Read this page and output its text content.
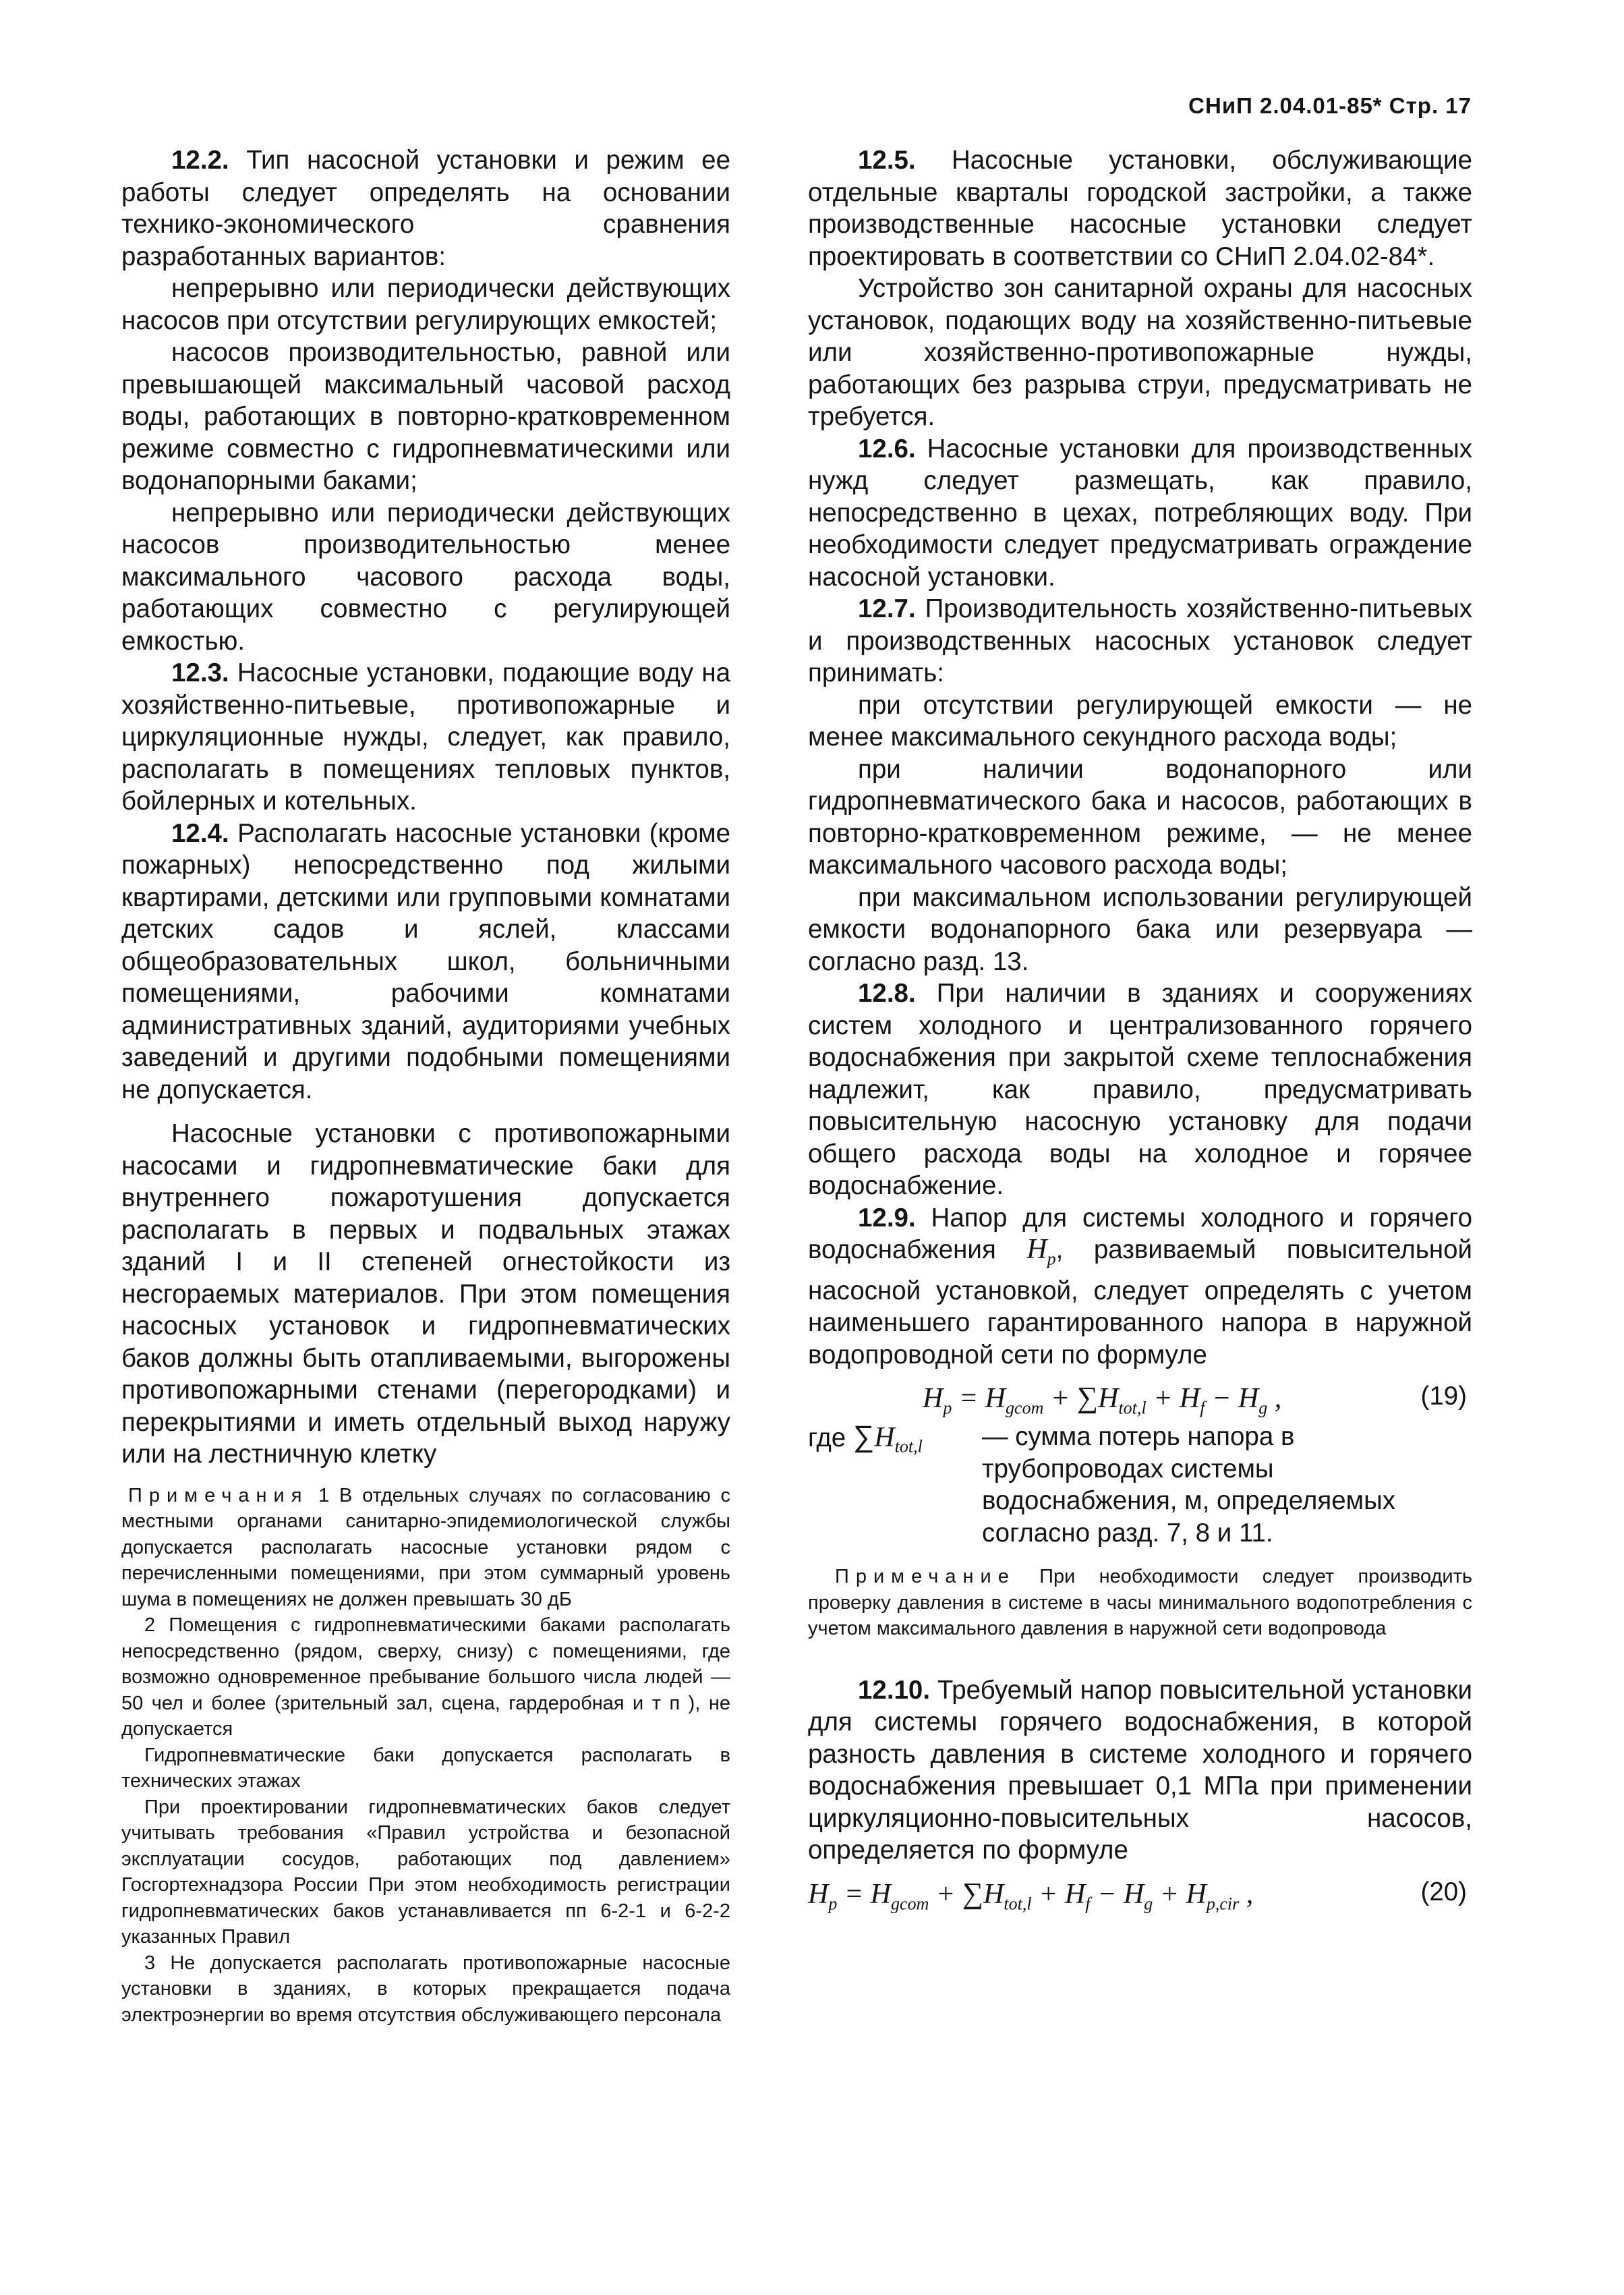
СНиП 2.04.01-85* Стр. 17

12.2. Тип насосной установки и режим ее работы следует определять на основании технико-экономического сравнения разработанных вариантов:

непрерывно или периодически действующих насосов при отсутствии регулирующих емкостей;

насосов производительностью, равной или превышающей максимальный часовой расход воды, работающих в повторно-кратковременном режиме совместно с гидропневматическими или водонапорными баками;

непрерывно или периодически действующих насосов производительностью менее максимального часового расхода воды, работающих совместно с регулирующей емкостью.

12.3. Насосные установки, подающие воду на хозяйственно-питьевые, противопожарные и циркуляционные нужды, следует, как правило, располагать в помещениях тепловых пунктов, бойлерных и котельных.

12.4. Располагать насосные установки (кроме пожарных) непосредственно под жилыми квартирами, детскими или групповыми комнатами детских садов и яслей, классами общеобразовательных школ, больничными помещениями, рабочими комнатами административных зданий, аудиториями учебных заведений и другими подобными помещениями не допускается.

Насосные установки с противопожарными насосами и гидропневматические баки для внутреннего пожаротушения допускается располагать в первых и подвальных этажах зданий I и II степеней огнестойкости из несгораемых материалов. При этом помещения насосных установок и гидропневматических баков должны быть отапливаемыми, выгорожены противопожарными стенами (перегородками) и перекрытиями и иметь отдельный выход наружу или на лестничную клетку

Примечания 1 В отдельных случаях по согласованию с местными органами санитарно-эпидемиологической службы допускается располагать насосные установки рядом с перечисленными помещениями, при этом суммарный уровень шума в помещениях не должен превышать 30 дБ

2 Помещения с гидропневматическими баками располагать непосредственно (рядом, сверху, снизу) с помещениями, где возможно одновременное пребывание большого числа людей — 50 чел и более (зрительный зал, сцена, гардеробная и т п ), не допускается

Гидропневматические баки допускается располагать в технических этажах

При проектировании гидропневматических баков следует учитывать требования «Правил устройства и безопасной эксплуатации сосудов, работающих под давлением» Госгортехнадзора России При этом необходимость регистрации гидропневматических баков устанавливается пп 6-2-1 и 6-2-2 указанных Правил

3 Не допускается располагать противопожарные насосные установки в зданиях, в которых прекращается подача электроэнергии во время отсутствия обслуживающего персонала

12.5. Насосные установки, обслуживающие отдельные кварталы городской застройки, а также производственные насосные установки следует проектировать в соответствии со СНиП 2.04.02-84*.

Устройство зон санитарной охраны для насосных установок, подающих воду на хозяйственно-питьевые или хозяйственно-противопожарные нужды, работающих без разрыва струи, предусматривать не требуется.

12.6. Насосные установки для производственных нужд следует размещать, как правило, непосредственно в цехах, потребляющих воду. При необходимости следует предусматривать ограждение насосной установки.

12.7. Производительность хозяйственно-питьевых и производственных насосных установок следует принимать:

при отсутствии регулирующей емкости — не менее максимального секундного расхода воды;

при наличии водонапорного или гидропневматического бака и насосов, работающих в повторно-кратковременном режиме, — не менее максимального часового расхода воды;

при максимальном использовании регулирующей емкости водонапорного бака или резервуара — согласно разд. 13.

12.8. При наличии в зданиях и сооружениях систем холодного и централизованного горячего водоснабжения при закрытой схеме теплоснабжения надлежит, как правило, предусматривать повысительную насосную установку для подачи общего расхода воды на холодное и горячее водоснабжение.

12.9. Напор для системы холодного и горячего водоснабжения $H_p$, развиваемый повысительной насосной установкой, следует определять с учетом наименьшего гарантированного напора в наружной водопроводной сети по формуле

$H_p = H_{gcom} + \sum H_{tot,l} + H_f - H_g$ ,	(19)
где $\sum H_{tot,l}$ — сумма потерь напора в трубопроводах системы водоснабжения, м, определяемых согласно разд. 7, 8 и 11.

Примечание При необходимости следует производить проверку давления в системе в часы минимального водопотребления с учетом максимального давления в наружной сети водопровода

12.10. Требуемый напор повысительной установки для системы горячего водоснабжения, в которой разность давления в системе холодного и горячего водоснабжения превышает 0,1 МПа при применении циркуляционно-повысительных насосов, определяется по формуле

$H_p = H_{gcom} + \sum H_{tot,l} + H_f - H_g + H_{p,cir}$ ,	(20)
